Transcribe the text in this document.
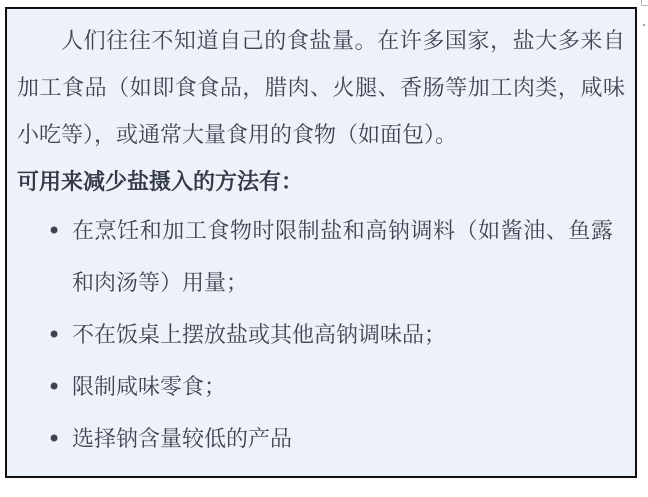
人们往往不知道自己的食盐量。在许多国家，盐大多来自加工食品（如即食食品，腊肉、火腿、香肠等加工肉类，咸味小吃等），或通常大量食用的食物（如面包）。

可用来减少盐摄入的方法有：

• 在烹饪和加工食物时限制盐和高钠调料（如酱油、鱼露和肉汤等）用量；
• 不在饭桌上摆放盐或其他高钠调味品；
• 限制咸味零食；
• 选择钠含量较低的产品
